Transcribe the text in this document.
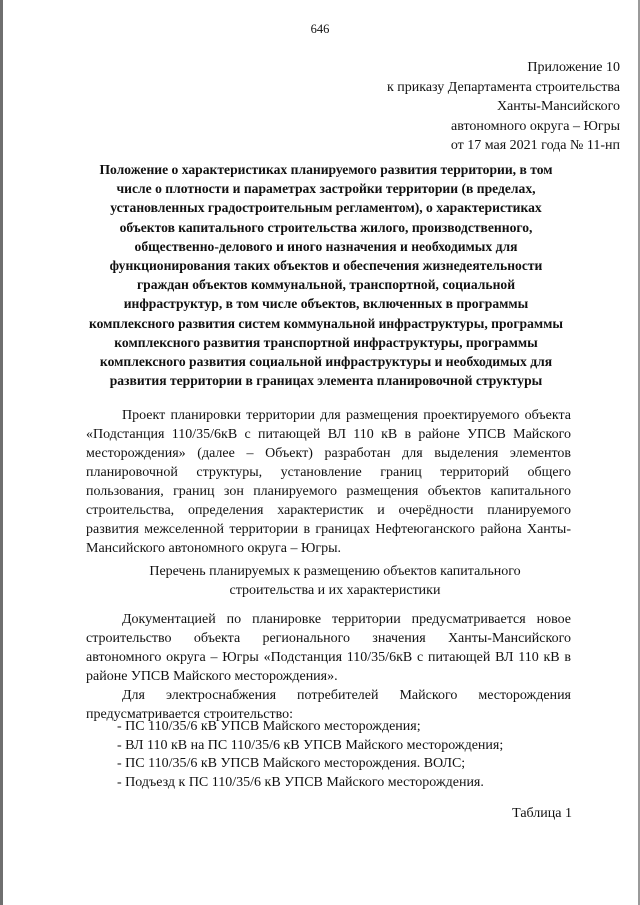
646
Приложение 10
к приказу Департамента строительства
Ханты-Мансийского
автономного округа – Югры
от 17 мая 2021 года № 11-нп
Положение о характеристиках планируемого развития территории, в том числе о плотности и параметрах застройки территории (в пределах, установленных градостроительным регламентом), о характеристиках объектов капитального строительства жилого, производственного, общественно-делового и иного назначения и необходимых для функционирования таких объектов и обеспечения жизнедеятельности граждан объектов коммунальной, транспортной, социальной инфраструктур, в том числе объектов, включенных в программы комплексного развития систем коммунальной инфраструктуры, программы комплексного развития транспортной инфраструктуры, программы комплексного развития социальной инфраструктуры и необходимых для развития территории в границах элемента планировочной структуры

Проект планировки территории для размещения проектируемого объекта «Подстанция 110/35/6кВ с питающей ВЛ 110 кВ в районе УПСВ Майского месторождения» (далее – Объект) разработан для выделения элементов планировочной структуры, установление границ территорий общего пользования, границ зон планируемого размещения объектов капитального строительства, определения характеристик и очерёдности планируемого развития межселенной территории в границах Нефтеюганского района Ханты-Мансийского автономного округа – Югры.

Перечень планируемых к размещению объектов капитального строительства и их характеристики

Документацией по планировке территории предусматривается новое строительство объекта регионального значения Ханты-Мансийского автономного округа – Югры «Подстанция 110/35/6кВ с питающей ВЛ 110 кВ в районе УПСВ Майского месторождения».

Для электроснабжения потребителей Майского месторождения предусматривается строительство:

- ПС 110/35/6 кВ УПСВ Майского месторождения;
- ВЛ 110 кВ на ПС 110/35/6 кВ УПСВ Майского месторождения;
- ПС 110/35/6 кВ УПСВ Майского месторождения. ВОЛС;
- Подъезд к ПС 110/35/6 кВ УПСВ Майского месторождения.
Таблица 1
